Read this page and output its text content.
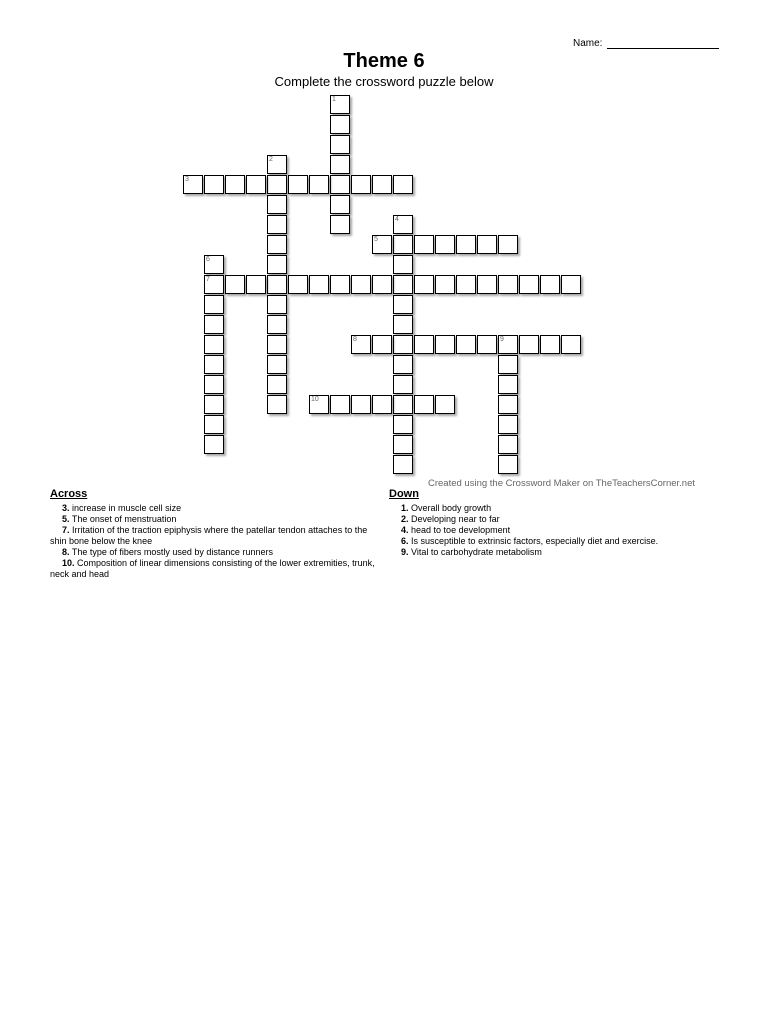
Name:
Theme 6
Complete the crossword puzzle below
1
2
3
4
5
6
7
8	9
10
Created using the Crossword Maker on TheTeachersCorner.net
Across
3. increase in muscle cell size
5. The onset of menstruation
7. Irritation of the traction epiphysis where the patellar tendon attaches to the shin bone below the knee
8. The type of fibers mostly used by distance runners
10. Composition of linear dimensions consisting of the lower extremities, trunk, neck and head
Down
1. Overall body growth
2. Developing near to far
4. head to toe development
6. Is susceptible to extrinsic factors, especially diet and exercise.
9. Vital to carbohydrate metabolism
